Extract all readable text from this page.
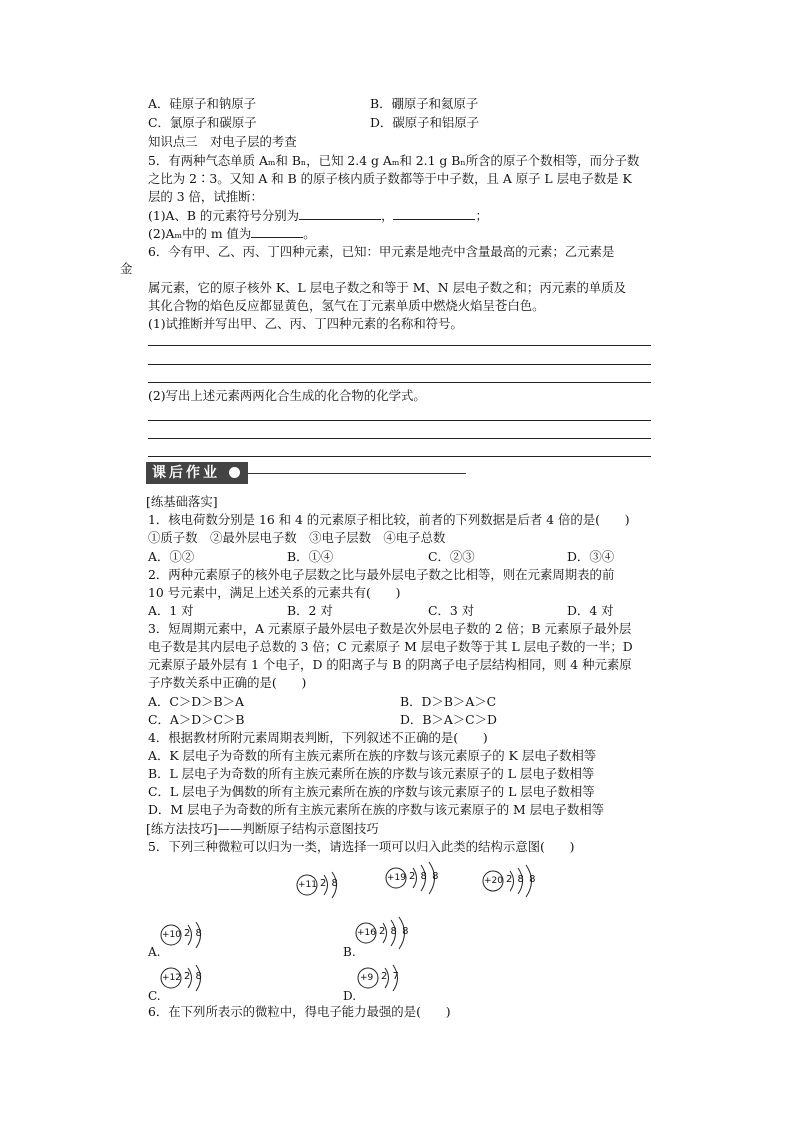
A．硅原子和钠原子	B．硼原子和氦原子
C．氯原子和碳原子	D．碳原子和铝原子
知识点三　对电子层的考查
5．有两种气态单质 Aₘ和 Bₙ，已知 2.4 g Aₘ和 2.1 g Bₙ所含的原子个数相等，而分子数
之比为 2∶3。又知 A 和 B 的原子核内质子数都等于中子数，且 A 原子 L 层电子数是 K
层的 3 倍，试推断：
(1)A、B 的元素符号分别为	，	；
(2)Aₘ中的 m 值为	。
6．今有甲、乙、丙、丁四种元素，已知：甲元素是地壳中含量最高的元素；乙元素是
金
属元素，它的原子核外 K、L 层电子数之和等于 M、N 层电子数之和；丙元素的单质及
其化合物的焰色反应都显黄色，氢气在丁元素单质中燃烧火焰呈苍白色。
(1)试推断并写出甲、乙、丙、丁四种元素的名称和符号。
(2)写出上述元素两两化合生成的化合物的化学式。
课后作业
[练基础落实]
1．核电荷数分别是 16 和 4 的元素原子相比较，前者的下列数据是后者 4 倍的是(　　)
①质子数　②最外层电子数　③电子层数　④电子总数
A．①②	B．①④	C．②③	D．③④
2．两种元素原子的核外电子层数之比与最外层电子数之比相等，则在元素周期表的前
10 号元素中，满足上述关系的元素共有(　　)
A．1 对	B．2 对	C．3 对	D．4 对
3．短周期元素中，A 元素原子最外层电子数是次外层电子数的 2 倍；B 元素原子最外层
电子数是其内层电子总数的 3 倍；C 元素原子 M 层电子数等于其 L 层电子数的一半；D
元素原子最外层有 1 个电子，D 的阳离子与 B 的阴离子电子层结构相同，则 4 种元素原
子序数关系中正确的是(　　)
A．C＞D＞B＞A	B．D＞B＞A＞C
C．A＞D＞C＞B	D．B＞A＞C＞D
4．根据教材所附元素周期表判断，下列叙述不正确的是(　　)
A．K 层电子为奇数的所有主族元素所在族的序数与该元素原子的 K 层电子数相等
B．L 层电子为奇数的所有主族元素所在族的序数与该元素原子的 L 层电子数相等
C．L 层电子为偶数的所有主族元素所在族的序数与该元素原子的 L 层电子数相等
D．M 层电子为奇数的所有主族元素所在族的序数与该元素原子的 M 层电子数相等
[练方法技巧]——判断原子结构示意图技巧
5．下列三种微粒可以归为一类，请选择一项可以归入此类的结构示意图(　　)
+11 2 8	+19 2 8 8	+20 2 8 8
+10 2 8
A.
+16 2 8 8
B.
+12 2 8
C.
+9 2 7
D.
6．在下列所表示的微粒中，得电子能力最强的是(　　)
